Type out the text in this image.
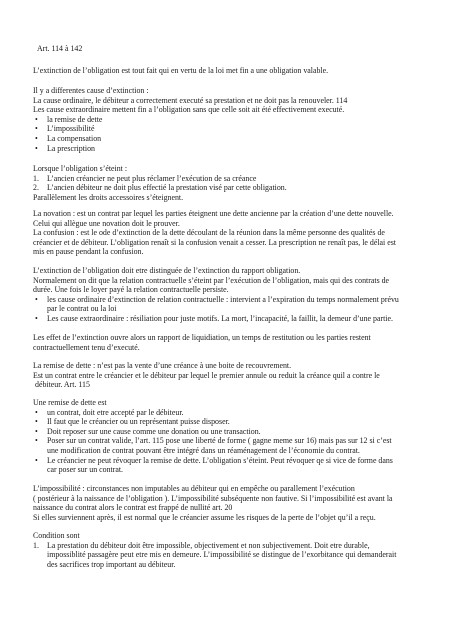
Art. 114 à 142

L’extinction de l’obligation est tout fait qui en vertu de la loi met fin a une obligation valable.

Il y a differentes cause d’extinction :

La cause ordinaire, le débiteur a correctement executé sa prestation et ne doit pas la renouveler. 114

Les cause extraordinaire mettent fin a l’obligation sans que celle soit ait été effectivement executé.

• la remise de dette
• L’impossibilité
• La compensation
• La prescription

Lorsque l’obligation s’éteint :

1. L’ancien créancier ne peut plus réclamer l’exécution de sa créance
2. L’ancien débiteur ne doit plus effectié la prestation visé par cette obligation.

Parallèlement les droits accessoires s’éteignent.

La novation : est un contrat par lequel les parties éteignent une dette ancienne par la création d’une dette nouvelle.

Celui qui allègue une novation doit le prouver.

La confusion : est le ode d’extinction de la dette découlant de la réunion dans la même personne des qualités de

créancier et de débiteur. L’obligation renaît si la confusion venait a cesser. La prescription ne renaît pas, le délai est

mis en pause pendant la confusion.

L’extinction de l’obligation doit etre distinguée de l’extinction du rapport obligation.

Normalement on dit que la relation contractuelle s’éteint par l’exécution de l’obligation, mais qui des contrats de

durée. Une fois le loyer payé la relation contractuelle persiste.

• les cause ordinaire d’extinction de relation contractuelle : intervient a l’expiration du temps normalement prévu
par le contrat ou la loi
• Les cause extraordinaire : résiliation pour juste motifs. La mort, l’incapacité, la faillit, la demeur d’une partie.

Les effet de l’extinction ouvre alors un rapport de liquidiation, un temps de restitution ou les parties restent

contractuellement tenu d’executé.

La remise de dette : n’est pas la vente d’une créance à une boite de recouvrement.

Est un contrat entre le créancier et le débiteur par lequel le premier annule ou reduit la créance quil a contre le

débiteur. Art. 115

Une remise de dette est

• un contrat, doit etre accepté par le débiteur.
• Il faut que le créancier ou un représentant puisse disposer.
• Doit reposer sur une cause comme une donation ou une transaction.
• Poser sur un contrat valide, l’art. 115 pose une liberté de forme ( gagne meme sur 16) mais pas sur 12 si c’est
une modification de contrat pouvant être intégré dans un réaménagement de l’économie du contrat.
• Le créancier ne peut révoquer la remise de dette. L’obligation s’éteint. Peut révoquer qe si vice de forme dans
car poser sur un contrat.

L’impossibilité : circonstances non imputables au débiteur qui en empêche ou parallement l’exécution

( postérieur à la naissance de l’obligation ). L’impossibilité subséquente non fautive. Si l’impossibilité est avant la

naissance du contrat alors le contrat est frappé de nullité art. 20

Si elles surviennent après, il est normal que le créancier assume les risques de la perte de l’objet qu’il a reçu.

Condition sont

1. La prestation du débiteur doit être impossible, objectivement et non subjectivement. Doit etre durable,
impossiblité passagère peut etre mis en demeure. L’impossibilité se distingue de l’exorbitance qui demanderait
des sacrifices trop important au débiteur.
